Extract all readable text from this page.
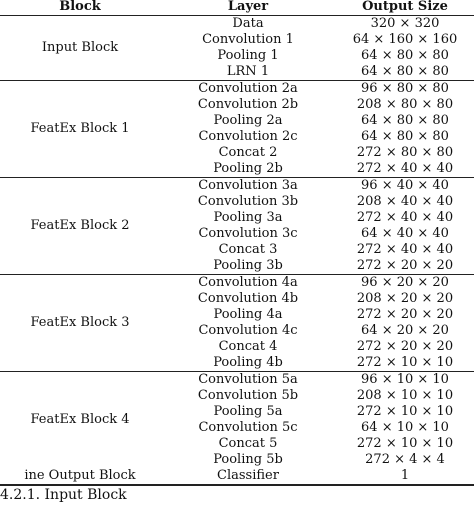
Block	Layer	Output Size

Input Block	Data	320 × 320
	Convolution 1	64 × 160 × 160
	Pooling 1	64 × 80 × 80
	LRN 1	64 × 80 × 80

FeatEx Block 1	Convolution 2a	96 × 80 × 80
	Convolution 2b	208 × 80 × 80
	Pooling 2a	64 × 80 × 80
	Convolution 2c	64 × 80 × 80
	Concat 2	272 × 80 × 80
	Pooling 2b	272 × 40 × 40

FeatEx Block 2	Convolution 3a	96 × 40 × 40
	Convolution 3b	208 × 40 × 40
	Pooling 3a	272 × 40 × 40
	Convolution 3c	64 × 40 × 40
	Concat 3	272 × 40 × 40
	Pooling 3b	272 × 20 × 20

FeatEx Block 3	Convolution 4a	96 × 20 × 20
	Convolution 4b	208 × 20 × 20
	Pooling 4a	272 × 20 × 20
	Convolution 4c	64 × 20 × 20
	Concat 4	272 × 20 × 20
	Pooling 4b	272 × 10 × 10

FeatEx Block 4	Convolution 5a	96 × 10 × 10
	Convolution 5b	208 × 10 × 10
	Pooling 5a	272 × 10 × 10
	Convolution 5c	64 × 10 × 10
	Concat 5	272 × 10 × 10
	Pooling 5b	272 × 4 × 4
ine Output Block	Classifier	1
4.2.1. Input Block
